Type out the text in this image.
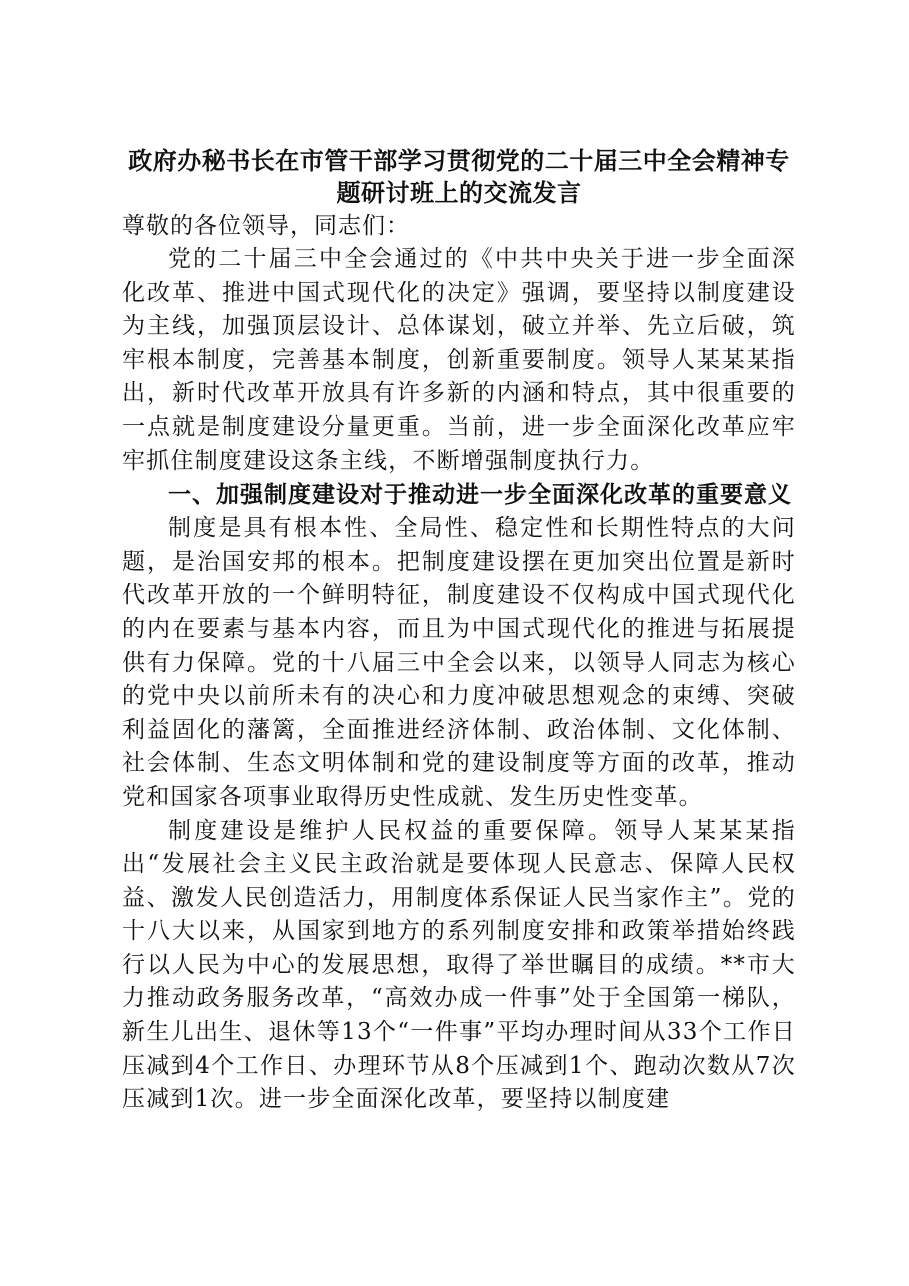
政府办秘书长在市管干部学习贯彻党的二十届三中全会精神专题研讨班上的交流发言

尊敬的各位领导，同志们：

党的二十届三中全会通过的《中共中央关于进一步全面深化改革、推进中国式现代化的决定》强调，要坚持以制度建设为主线，加强顶层设计、总体谋划，破立并举、先立后破，筑牢根本制度，完善基本制度，创新重要制度。领导人某某某指出，新时代改革开放具有许多新的内涵和特点，其中很重要的一点就是制度建设分量更重。当前，进一步全面深化改革应牢牢抓住制度建设这条主线，不断增强制度执行力。

一、加强制度建设对于推动进一步全面深化改革的重要意义

制度是具有根本性、全局性、稳定性和长期性特点的大问题，是治国安邦的根本。把制度建设摆在更加突出位置是新时代改革开放的一个鲜明特征，制度建设不仅构成中国式现代化的内在要素与基本内容，而且为中国式现代化的推进与拓展提供有力保障。党的十八届三中全会以来，以领导人同志为核心的党中央以前所未有的决心和力度冲破思想观念的束缚、突破利益固化的藩篱，全面推进经济体制、政治体制、文化体制、社会体制、生态文明体制和党的建设制度等方面的改革，推动党和国家各项事业取得历史性成就、发生历史性变革。

制度建设是维护人民权益的重要保障。领导人某某某指出“发展社会主义民主政治就是要体现人民意志、保障人民权益、激发人民创造活力，用制度体系保证人民当家作主”。党的十八大以来，从国家到地方的系列制度安排和政策举措始终践行以人民为中心的发展思想，取得了举世瞩目的成绩。**市大力推动政务服务改革，“高效办成一件事”处于全国第一梯队，新生儿出生、退休等13个“一件事”平均办理时间从33个工作日压减到4个工作日、办理环节从8个压减到1个、跑动次数从7次压减到1次。进一步全面深化改革，要坚持以制度建
